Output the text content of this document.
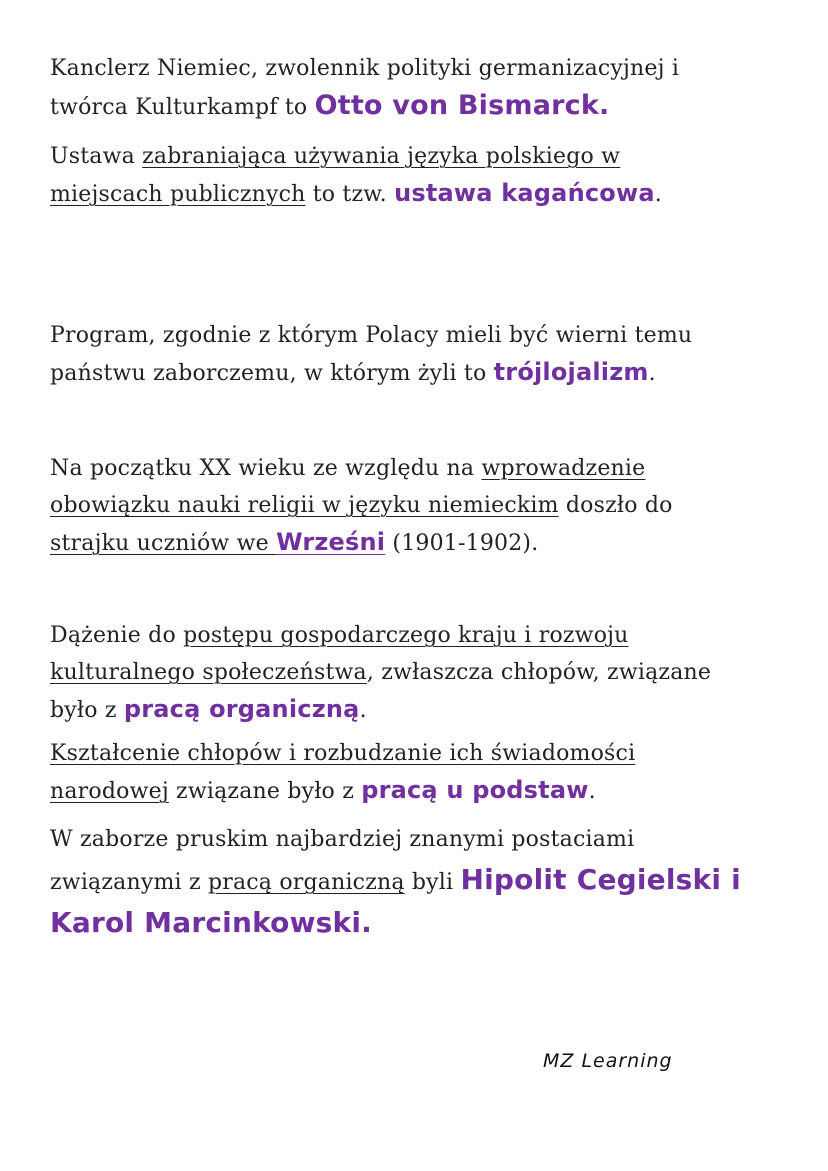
Kanclerz Niemiec, zwolennik polityki germanizacyjnej i
twórca Kulturkampf to Otto von Bismarck.

Ustawa zabraniająca używania języka polskiego w
miejscach publicznych to tzw. ustawa kagańcowa.

Program, zgodnie z którym Polacy mieli być wierni temu
państwu zaborczemu, w którym żyli to trójlojalizm.

Na początku XX wieku ze względu na wprowadzenie
obowiązku nauki religii w języku niemieckim doszło do
strajku uczniów we Wrześni (1901-1902).

Dążenie do postępu gospodarczego kraju i rozwoju
kulturalnego społeczeństwa, zwłaszcza chłopów, związane
było z pracą organiczną.

Kształcenie chłopów i rozbudzanie ich świadomości
narodowej związane było z pracą u podstaw.

W zaborze pruskim najbardziej znanymi postaciami
związanymi z pracą organiczną byli Hipolit Cegielski i
Karol Marcinkowski.

MZ Learning
